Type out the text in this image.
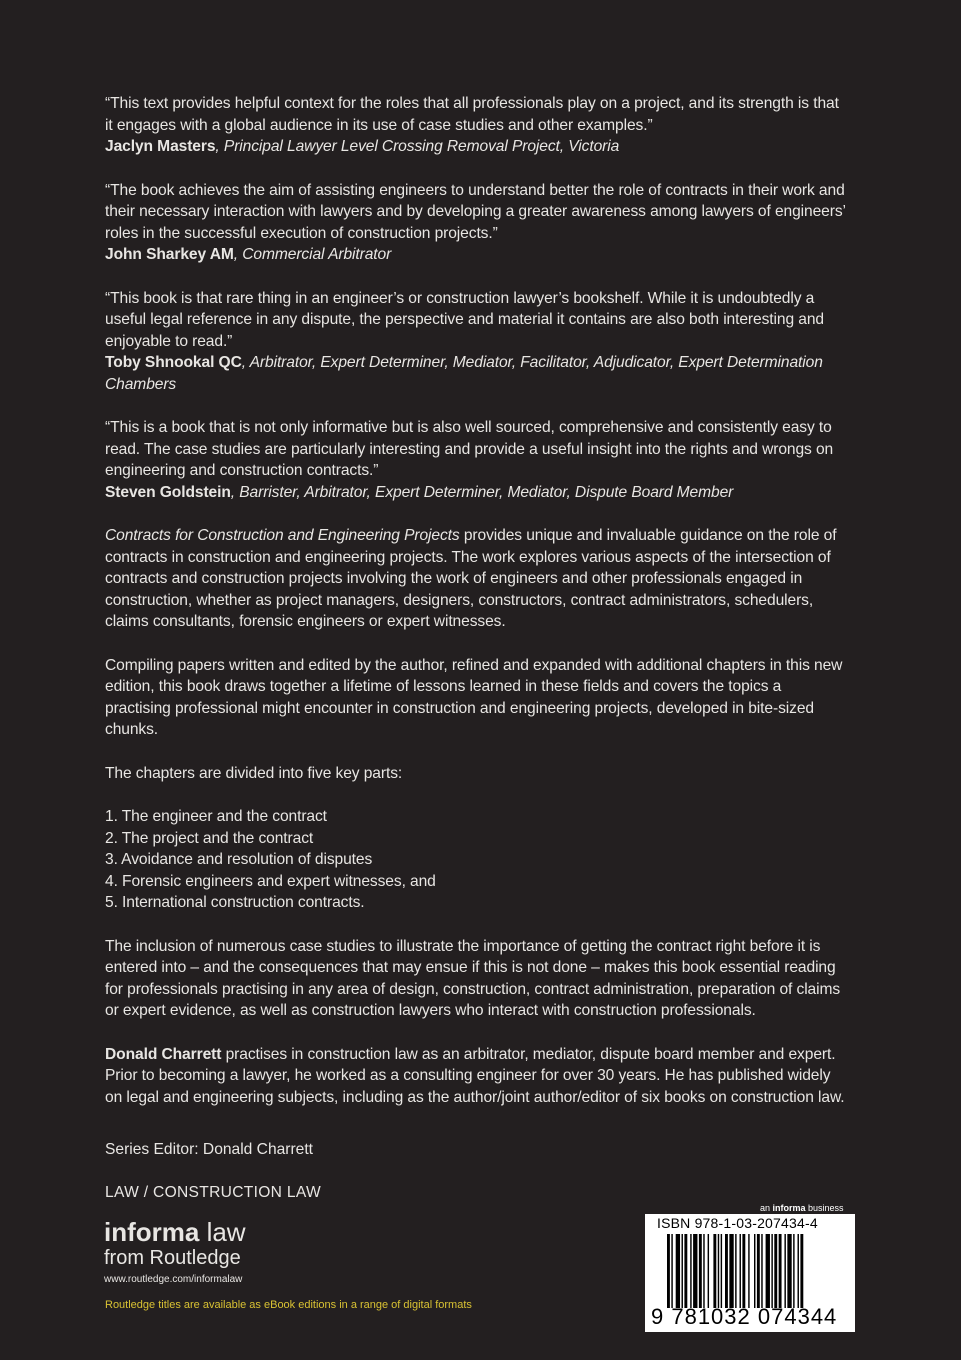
“This text provides helpful context for the roles that all professionals play on a project, and its strength is that it engages with a global audience in its use of case studies and other examples.”

Jaclyn Masters, Principal Lawyer Level Crossing Removal Project, Victoria

“The book achieves the aim of assisting engineers to understand better the role of contracts in their work and their necessary interaction with lawyers and by developing a greater awareness among lawyers of engineers’ roles in the successful execution of construction projects.”

John Sharkey AM, Commercial Arbitrator

“This book is that rare thing in an engineer’s or construction lawyer’s bookshelf. While it is undoubtedly a useful legal reference in any dispute, the perspective and material it contains are also both interesting and enjoyable to read.”

Toby Shnookal QC, Arbitrator, Expert Determiner, Mediator, Facilitator, Adjudicator, Expert Determination Chambers

“This is a book that is not only informative but is also well sourced, comprehensive and consistently easy to read. The case studies are particularly interesting and provide a useful insight into the rights and wrongs on engineering and construction contracts.”

Steven Goldstein, Barrister, Arbitrator, Expert Determiner, Mediator, Dispute Board Member

Contracts for Construction and Engineering Projects provides unique and invaluable guidance on the role of contracts in construction and engineering projects. The work explores various aspects of the intersection of contracts and construction projects involving the work of engineers and other professionals engaged in construction, whether as project managers, designers, constructors, contract administrators, schedulers, claims consultants, forensic engineers or expert witnesses.

Compiling papers written and edited by the author, refined and expanded with additional chapters in this new edition, this book draws together a lifetime of lessons learned in these fields and covers the topics a practising professional might encounter in construction and engineering projects, developed in bite-sized chunks.

The chapters are divided into five key parts:

1. The engineer and the contract
2. The project and the contract
3. Avoidance and resolution of disputes
4. Forensic engineers and expert witnesses, and
5. International construction contracts.

The inclusion of numerous case studies to illustrate the importance of getting the contract right before it is entered into – and the consequences that may ensue if this is not done – makes this book essential reading for professionals practising in any area of design, construction, contract administration, preparation of claims or expert evidence, as well as construction lawyers who interact with construction professionals.

Donald Charrett practises in construction law as an arbitrator, mediator, dispute board member and expert. Prior to becoming a lawyer, he worked as a consulting engineer for over 30 years. He has published widely on legal and engineering subjects, including as the author/joint author/editor of six books on construction law.

Series Editor: Donald Charrett
LAW / CONSTRUCTION LAW
informa law
from Routledge
www.routledge.com/informalaw
Routledge titles are available as eBook editions in a range of digital formats
an informa business
ISBN 978-1-03-207434-4
9 781032 074344
